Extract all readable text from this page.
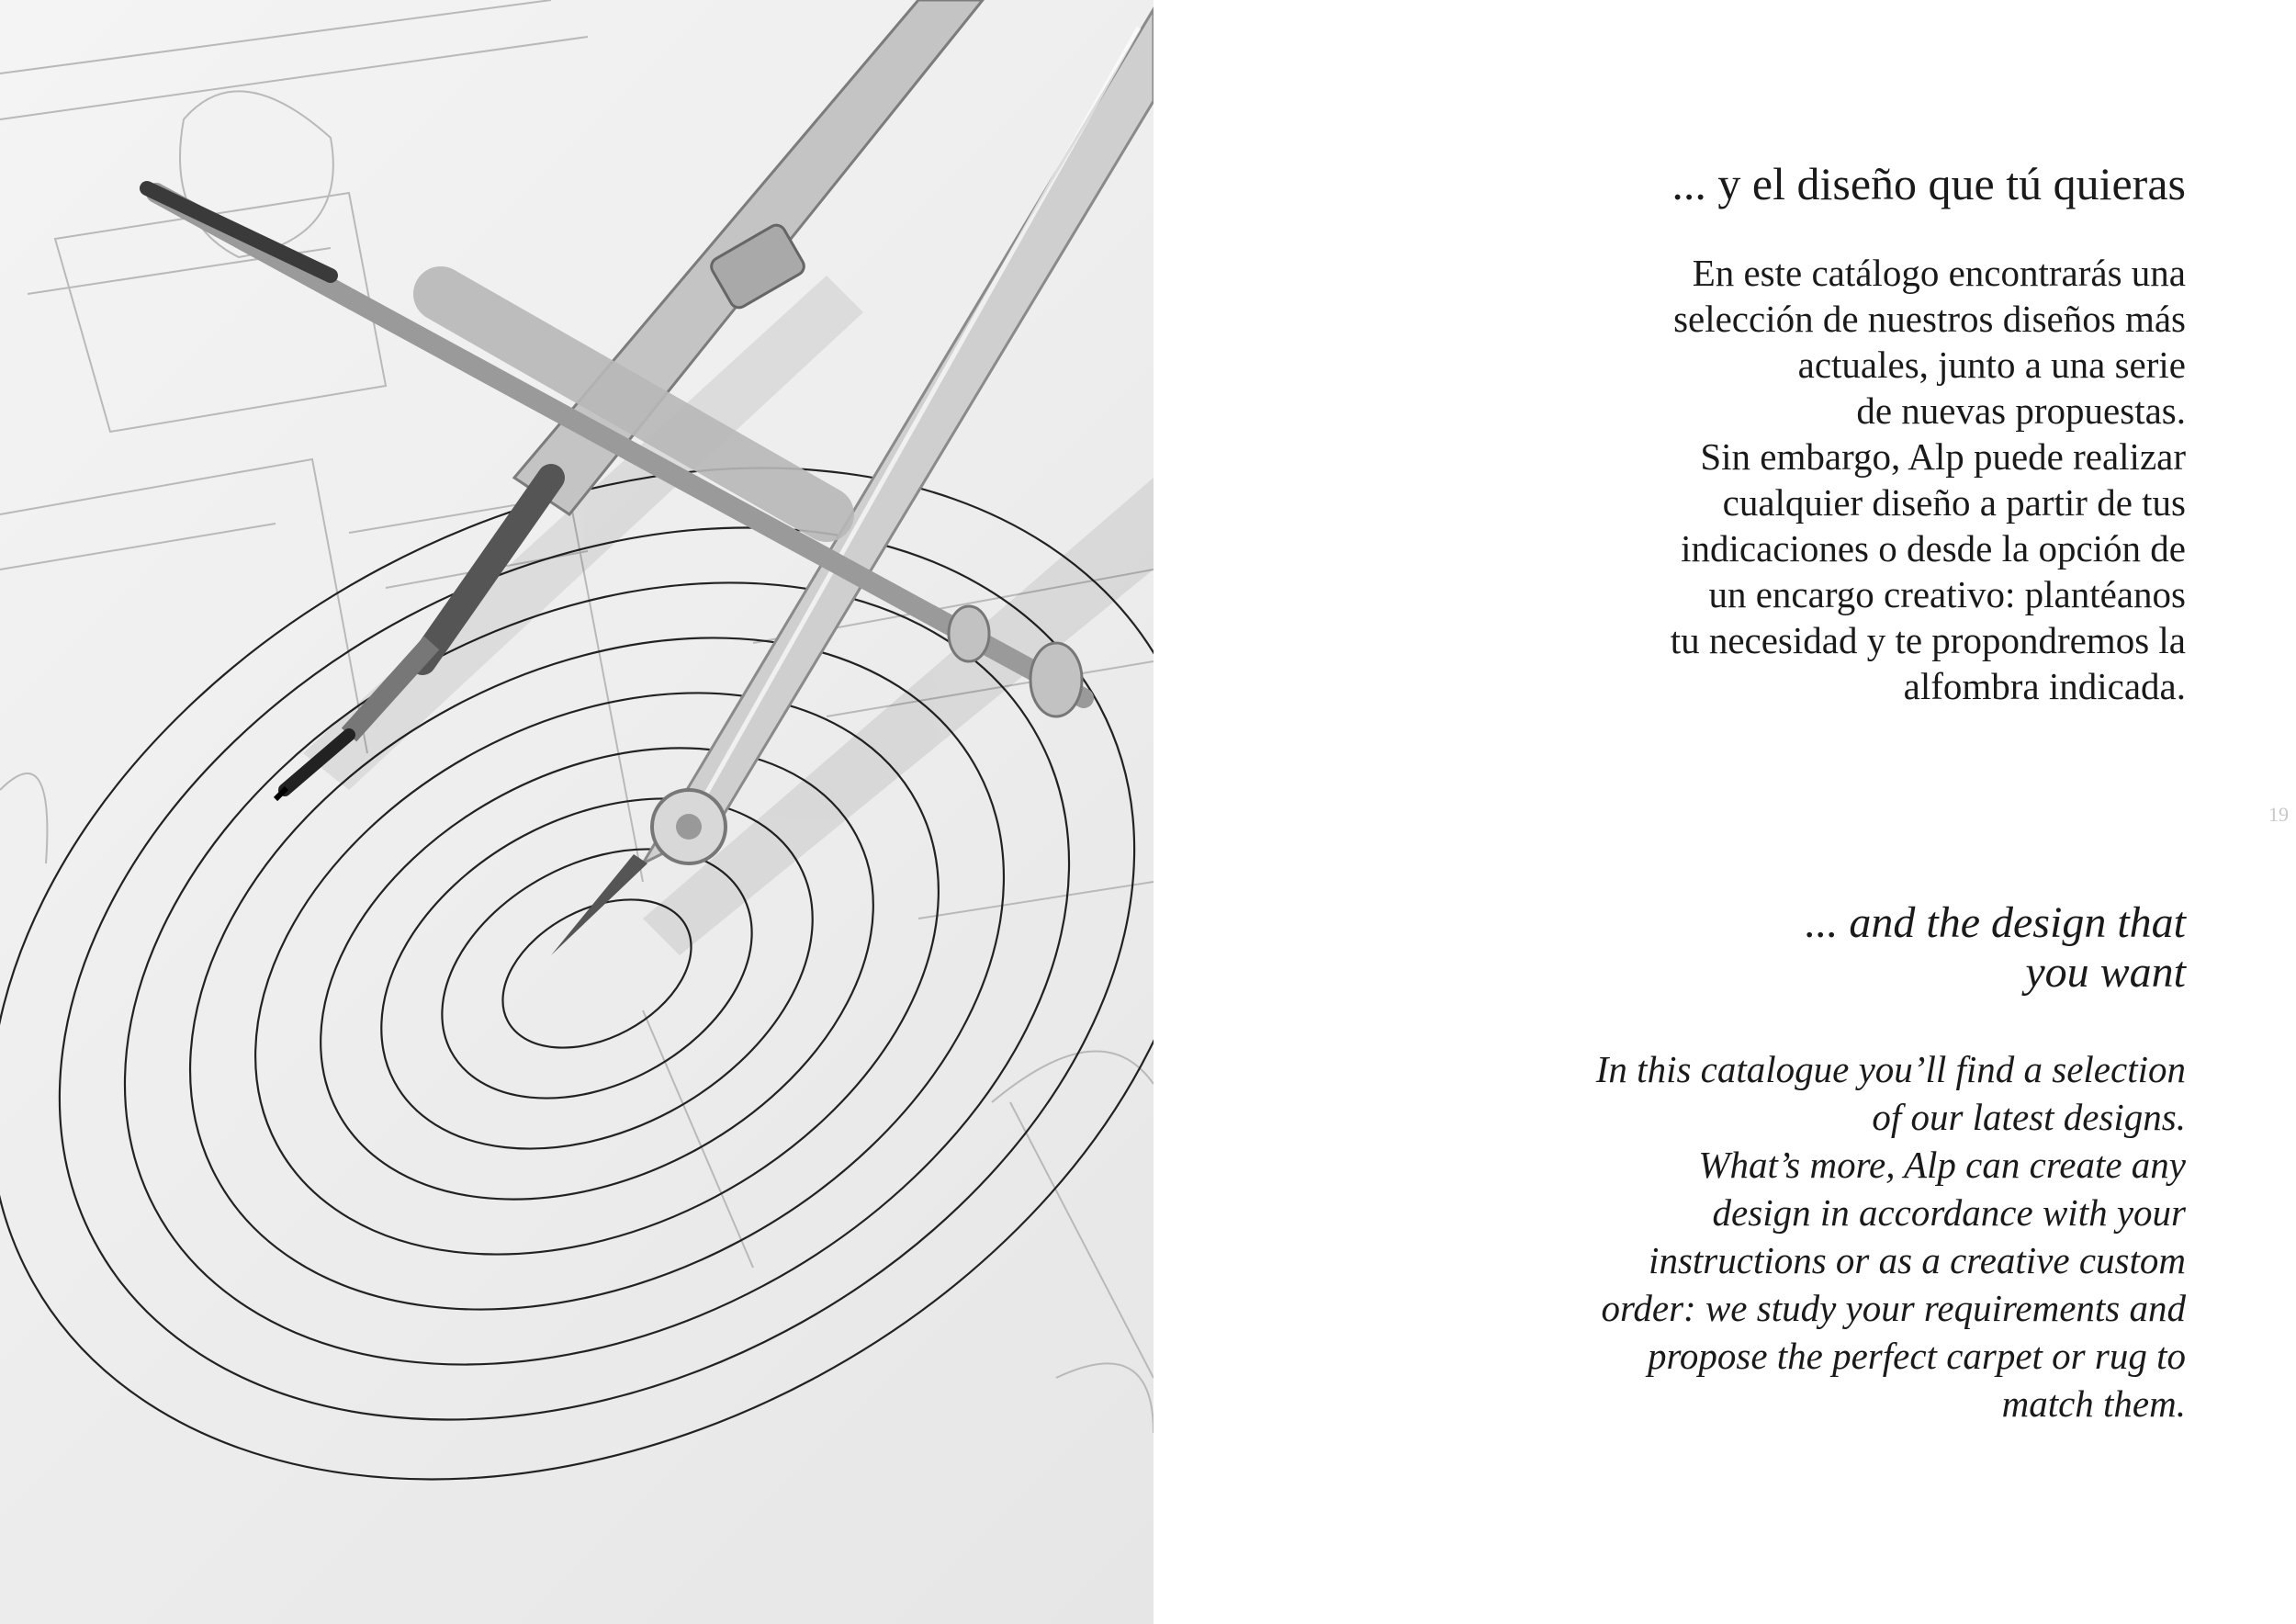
... y el diseño que tú quieras
En este catálogo encontrarás una
selección de nuestros diseños más
actuales, junto a una serie
de nuevas propuestas.
Sin embargo, Alp puede realizar
cualquier diseño a partir de tus
indicaciones o desde la opción de
un encargo creativo: plantéanos
tu necesidad y te propondremos la
alfombra indicada.
... and the design that
you want
In this catalogue you’ll find a selection
of our latest designs.
What’s more, Alp can create any
design in accordance with your
instructions or as a creative custom
order: we study your requirements and
propose the perfect carpet or rug to
match them.
19
